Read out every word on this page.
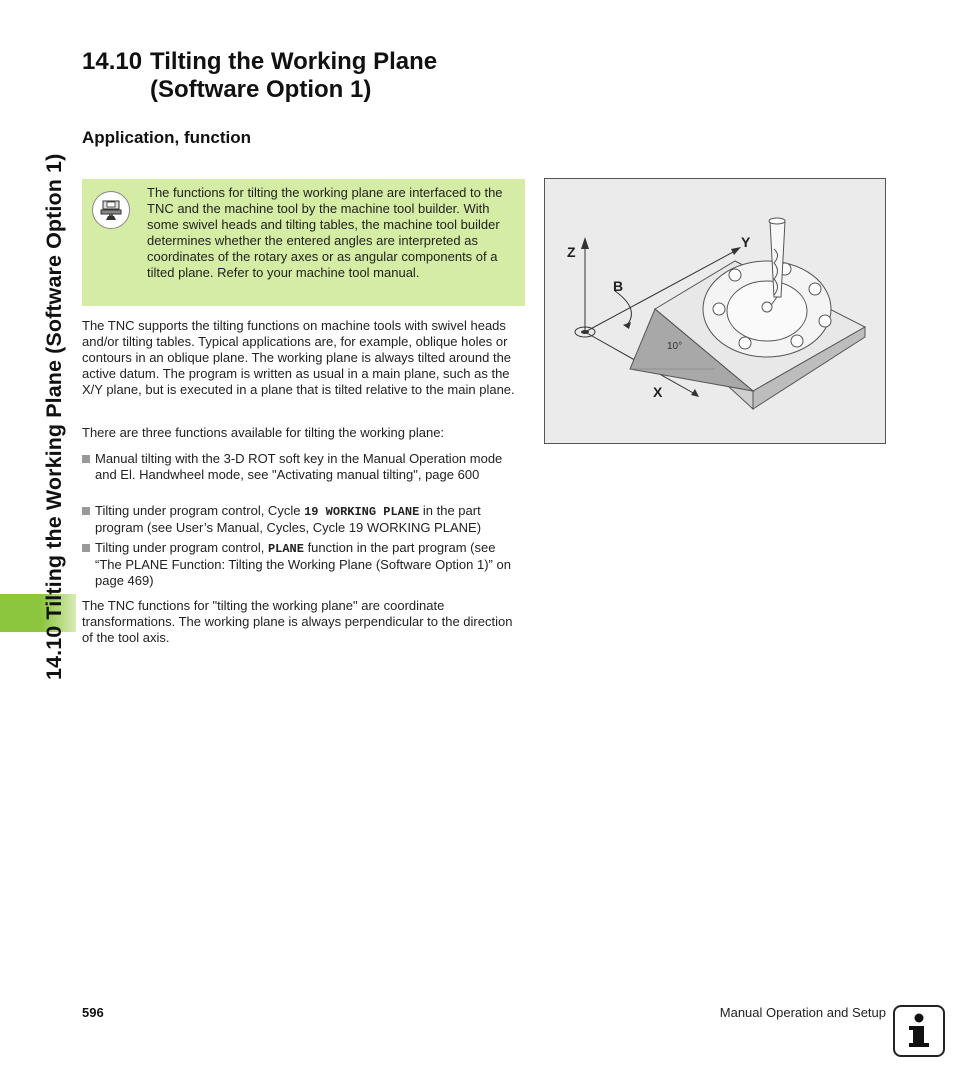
14.10 Tilting the Working Plane (Software Option 1)
14.10 Tilting the Working Plane
(Software Option 1)
Application, function
The functions for tilting the working plane are interfaced to the TNC and the machine tool by the machine tool builder. With some swivel heads and tilting tables, the machine tool builder determines whether the entered angles are interpreted as coordinates of the rotary axes or as angular components of a tilted plane. Refer to your machine tool manual.

The TNC supports the tilting functions on machine tools with swivel heads and/or tilting tables. Typical applications are, for example, oblique holes or contours in an oblique plane. The working plane is always tilted around the active datum. The program is written as usual in a main plane, such as the X/Y plane, but is executed in a plane that is tilted relative to the main plane.

There are three functions available for tilting the working plane:

Manual tilting with the 3-D ROT soft key in the Manual Operation mode and El. Handwheel mode, see "Activating manual tilting", page 600
Tilting under program control, Cycle 19 WORKING PLANE in the part program (see User’s Manual, Cycles, Cycle 19 WORKING PLANE)
Tilting under program control, PLANE function in the part program (see “The PLANE Function: Tilting the Working Plane (Software Option 1)” on page 469)

The TNC functions for "tilting the working plane" are coordinate transformations. The working plane is always perpendicular to the direction of the tool axis.

Z
Y
B
X
10°
596	Manual Operation and Setup
